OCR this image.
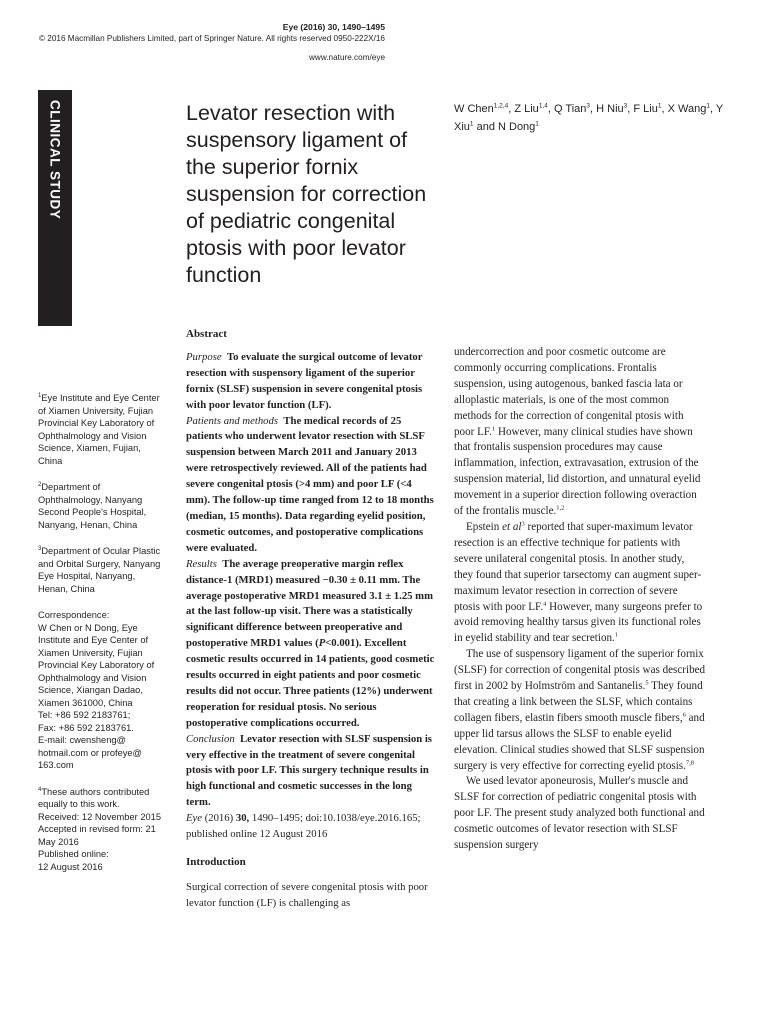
Eye (2016) 30, 1490–1495
© 2016 Macmillan Publishers Limited, part of Springer Nature. All rights reserved 0950-222X/16
www.nature.com/eye
CLINICAL STUDY	Levator resection with suspensory ligament of the superior fornix suspension for correction of pediatric congenital ptosis with poor levator function
W Chen$^{1,2,4}$, Z Liu$^{1,4}$, Q Tian$^3$, H Niu$^3$, F Liu$^1$, X Wang$^1$, Y Xiu$^1$ and N Dong$^1$

$^1$Eye Institute and Eye Center of Xiamen University, Fujian Provincial Key Laboratory of Ophthalmology and Vision Science, Xiamen, Fujian, China

$^2$Department of Ophthalmology, Nanyang Second People's Hospital, Nanyang, Henan, China

$^3$Department of Ocular Plastic and Orbital Surgery, Nanyang Eye Hospital, Nanyang, Henan, China

Correspondence:
W Chen or N Dong, Eye Institute and Eye Center of Xiamen University, Fujian Provincial Key Laboratory of Ophthalmology and Vision Science, Xiangan Dadao, Xiamen 361000, China
Tel: +86 592 2183761;
Fax: +86 592 2183761.
E-mail: cwensheng@ hotmail.com or profeye@ 163.com

$^4$These authors contributed equally to this work.

Received: 12 November 2015

Accepted in revised form: 21 May 2016

Published online:

12 August 2016

Abstract
Purpose To evaluate the surgical outcome of levator resection with suspensory ligament of the superior fornix (SLSF) suspension in severe congenital ptosis with poor levator function (LF).
Patients and methods The medical records of 25 patients who underwent levator resection with SLSF suspension between March 2011 and January 2013 were retrospectively reviewed. All of the patients had severe congenital ptosis (>4 mm) and poor LF (<4 mm). The follow-up time ranged from 12 to 18 months (median, 15 months). Data regarding eyelid position, cosmetic outcomes, and postoperative complications were evaluated.
Results The average preoperative margin reflex distance-1 (MRD1) measured −0.30 ± 0.11 mm. The average postoperative MRD1 measured 3.1 ± 1.25 mm at the last follow-up visit. There was a statistically significant difference between preoperative and postoperative MRD1 values (P<0.001). Excellent cosmetic results occurred in 14 patients, good cosmetic results occurred in eight patients and poor cosmetic results did not occur. Three patients (12%) underwent reoperation for residual ptosis. No serious postoperative complications occurred.
Conclusion Levator resection with SLSF suspension is very effective in the treatment of severe congenital ptosis with poor LF. This surgery technique results in high functional and cosmetic successes in the long term.
Eye (2016) 30, 1490–1495; doi:10.1038/eye.2016.165; published online 12 August 2016
Introduction

Surgical correction of severe congenital ptosis with poor levator function (LF) is challenging as

undercorrection and poor cosmetic outcome are commonly occurring complications. Frontalis suspension, using autogenous, banked fascia lata or alloplastic materials, is one of the most common methods for the correction of congenital ptosis with poor LF.$^1$ However, many clinical studies have shown that frontalis suspension procedures may cause inflammation, infection, extravasation, extrusion of the suspension material, lid distortion, and unnatural eyelid movement in a superior direction following overaction of the frontalis muscle.$^{1,2}$

Epstein et $al^3$ reported that super-maximum levator resection is an effective technique for patients with severe unilateral congenital ptosis. In another study, they found that superior tarsectomy can augment super-maximum levator resection in correction of severe ptosis with poor LF.$^4$ However, many surgeons prefer to avoid removing healthy tarsus given its functional roles in eyelid stability and tear secretion.$^1$

The use of suspensory ligament of the superior fornix (SLSF) for correction of congenital ptosis was described first in 2002 by Holmström and Santanelis.$^5$ They found that creating a link between the SLSF, which contains collagen fibers, elastin fibers smooth muscle fibers,$^6$ and upper lid tarsus allows the SLSF to enable eyelid elevation. Clinical studies showed that SLSF suspension surgery is very effective for correcting eyelid ptosis.$^{7,8}$

We used levator aponeurosis, Muller's muscle and SLSF for correction of pediatric congenital ptosis with poor LF. The present study analyzed both functional and cosmetic outcomes of levator resection with SLSF suspension surgery
